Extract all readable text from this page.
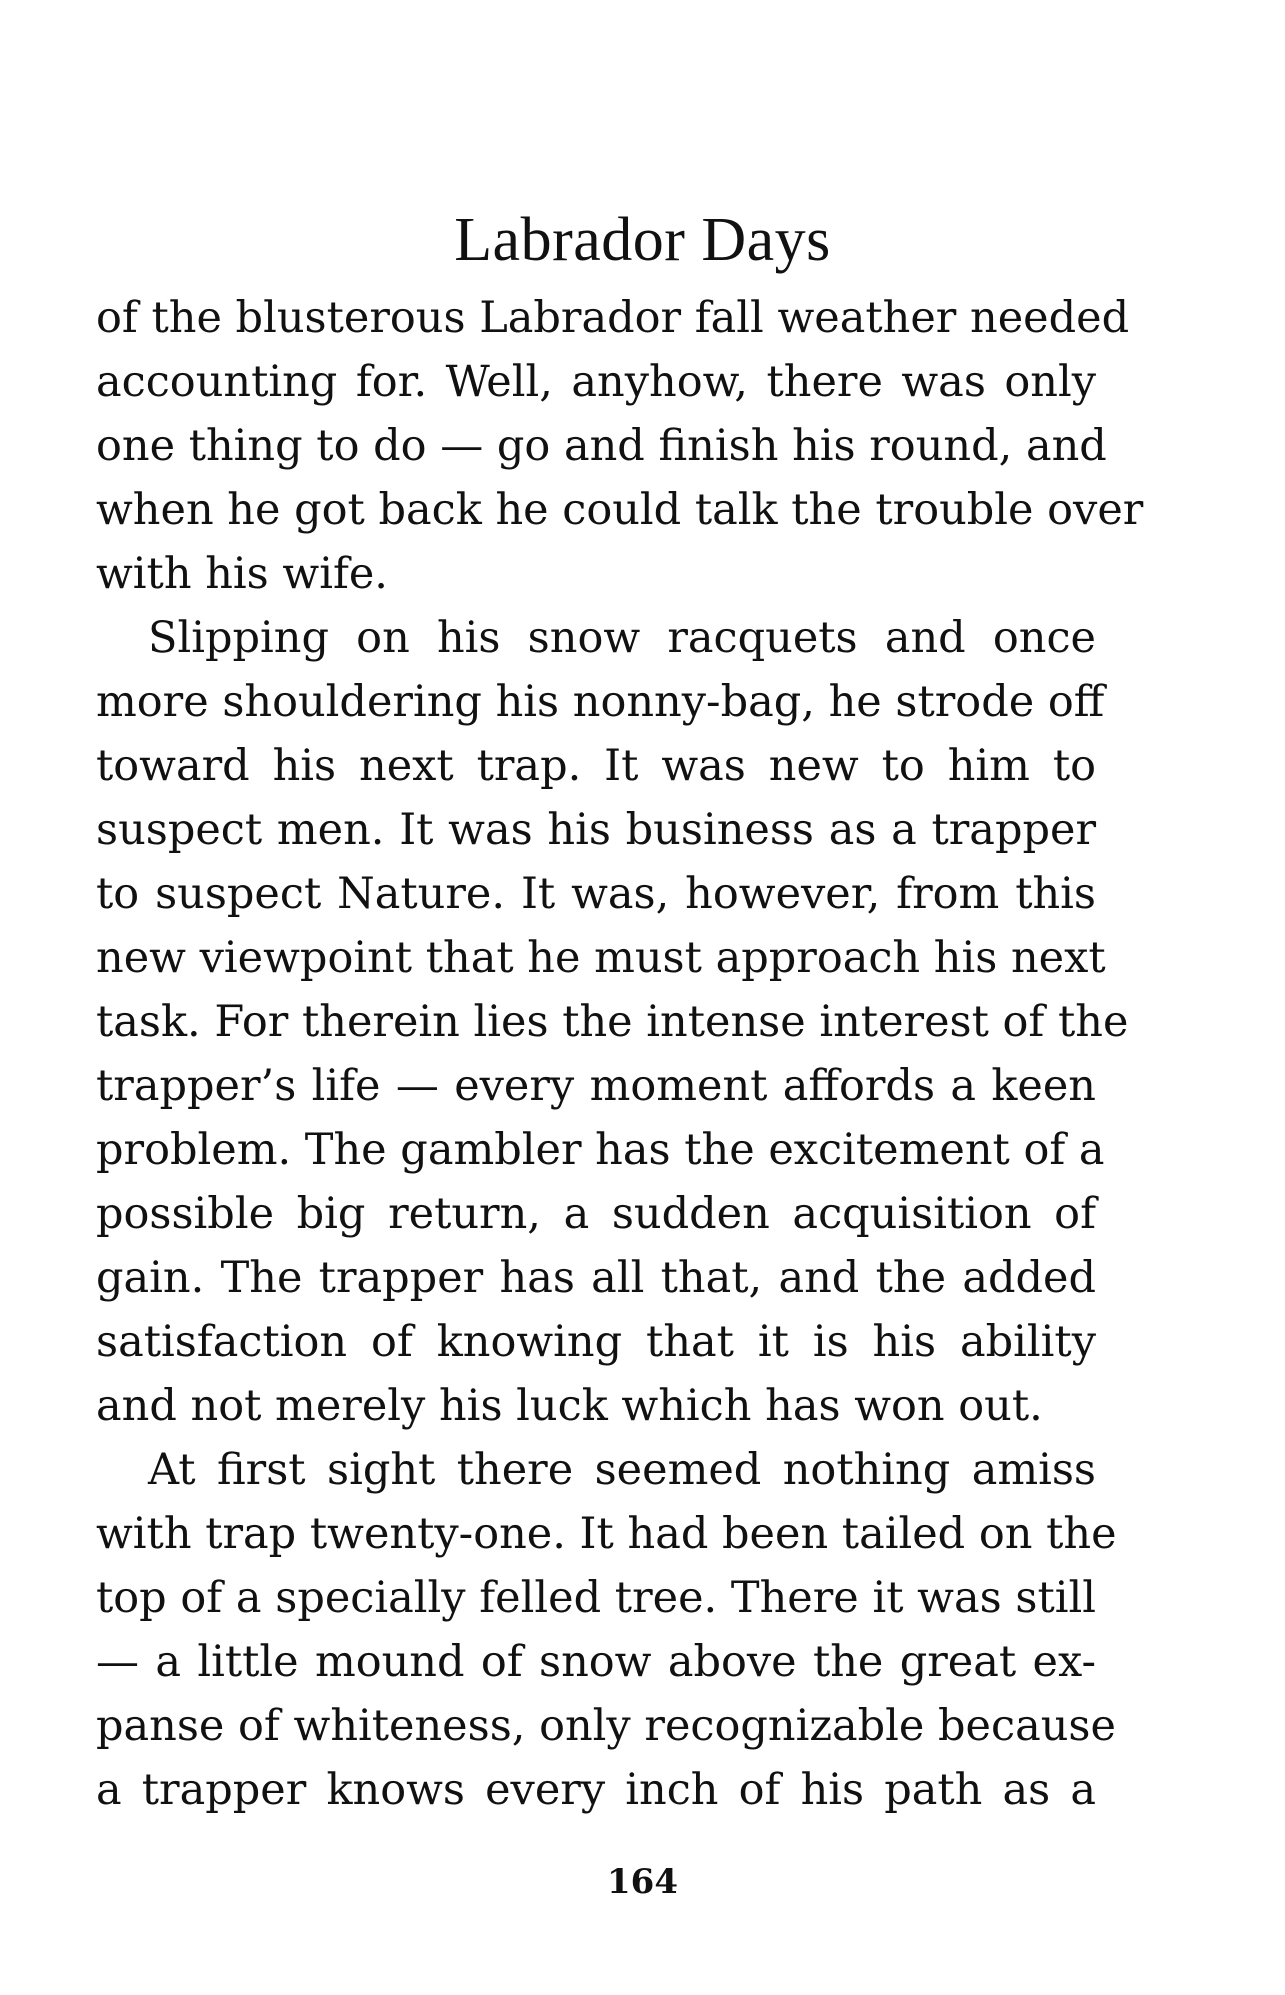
Labrador Days
of the blusterous Labrador fall weather needed
accounting for. Well, anyhow, there was only
one thing to do — go and finish his round, and
when he got back he could talk the trouble over
with his wife.
Slipping on his snow racquets and once
more shouldering his nonny-bag, he strode off
toward his next trap. It was new to him to
suspect men. It was his business as a trapper
to suspect Nature. It was, however, from this
new viewpoint that he must approach his next
task. For therein lies the intense interest of the
trapper’s life — every moment affords a keen
problem. The gambler has the excitement of a
possible big return, a sudden acquisition of
gain. The trapper has all that, and the added
satisfaction of knowing that it is his ability
and not merely his luck which has won out.
At first sight there seemed nothing amiss
with trap twenty-one. It had been tailed on the
top of a specially felled tree. There it was still
— a little mound of snow above the great ex-
panse of whiteness, only recognizable because
a trapper knows every inch of his path as a
164
